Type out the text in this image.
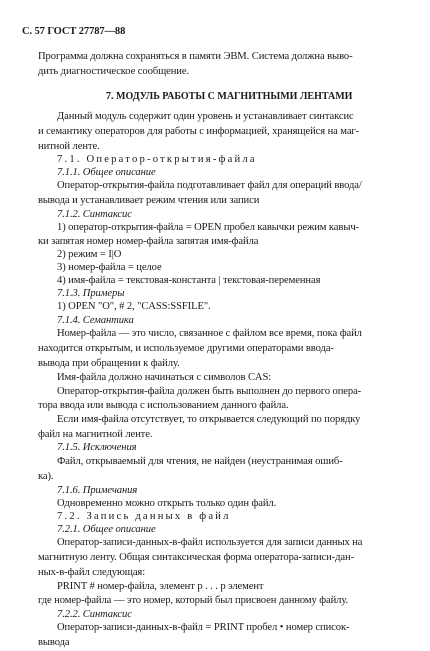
С. 57 ГОСТ 27787—88
Программа должна сохраняться в памяти ЭВМ. Система должна выво-
дить диагностическое сообщение.
7. МОДУЛЬ РАБОТЫ С МАГНИТНЫМИ ЛЕНТАМИ
Данный модуль содержит один уровень и устанавливает синтаксис
и семантику операторов для работы с информацией, хранящейся на маг-
нитной ленте.
7.1. Оператор-открытия-файла
7.1.1. Общее описание
Оператор-открытия-файла подготавливает файл для операций ввода/
вывода и устанавливает режим чтения или записи
7.1.2. Синтаксис
1) оператор-открытия-файла = OPEN пробел кавычки режим кавыч-
ки запятая номер номер-файла запятая имя-файла
2) режим = I|O
3) номер-файла = целое
4) имя-файла = текстовая-константа | текстовая-переменная
7.1.3. Примеры
1) OPEN "O", # 2, "CASS:SSFILE".
7.1.4. Семантика
Номер-файла — это число, связанное с файлом все время, пока файл
находится открытым, и используемое другими операторами ввода-
вывода при обращении к файлу.
Имя-файла должно начинаться с символов CAS:
Оператор-открытия-файла должен быть выполнен до первого опера-
тора ввода или вывода с использованием данного файла.
Если имя-файла отсутствует, то открывается следующий по порядку
файл на магнитной ленте.
7.1.5. Исключения
Файл, открываемый для чтения, не найден (неустранимая ошиб-
ка).
7.1.6. Примечания
Одновременно можно открыть только один файл.
7.2. Запись данных в файл
7.2.1. Общее описание
Оператор-записи-данных-в-файл используется для записи данных на
магнитную ленту. Общая синтаксическая форма оператора-записи-дан-
ных-в-файл следующая:
PRINT # номер-файла, элемент р . . . р элемент
где номер-файла — это номер, который был присвоен данному файлу.
7.2.2. Синтаксис
Оператор-записи-данных-в-файл = PRINT пробел • номер список-
вывода
